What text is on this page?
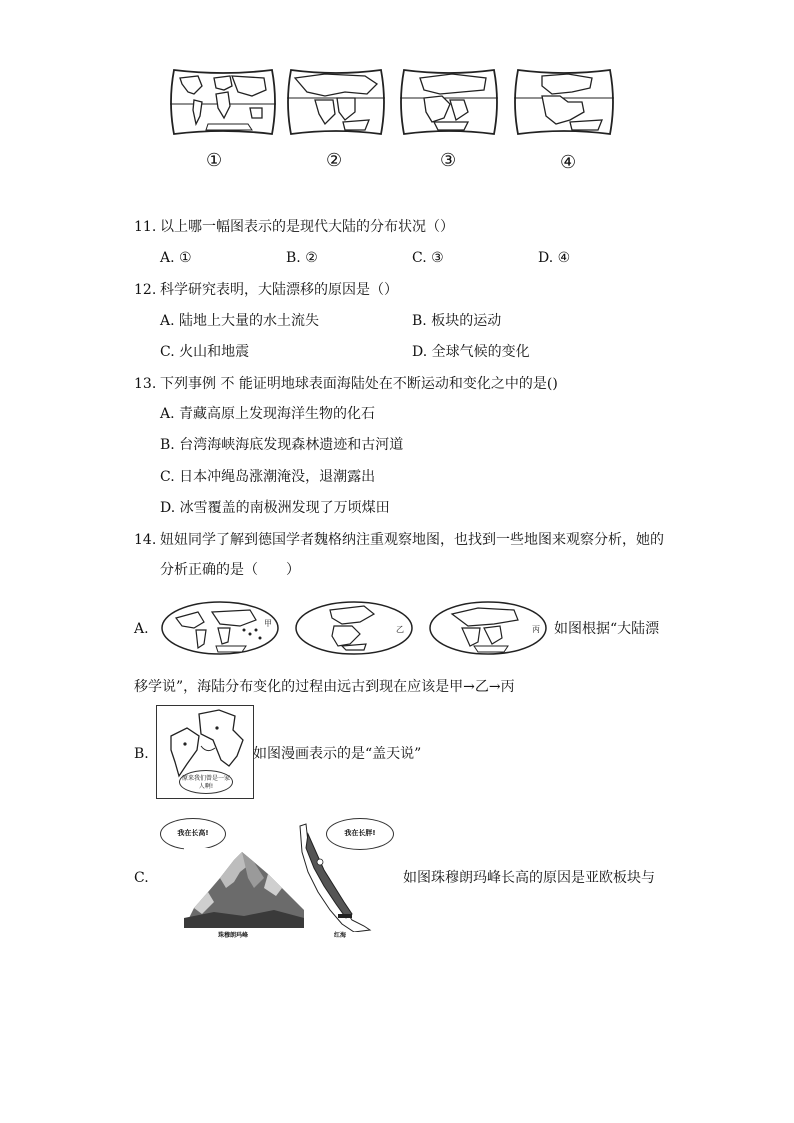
①	②	③	④
11. 以上哪一幅图表示的是现代大陆的分布状况（）
A. ①	B. ②	C. ③	D. ④
12. 科学研究表明，大陆漂移的原因是（）
A. 陆地上大量的水土流失	B. 板块的运动
C. 火山和地震	D. 全球气候的变化
13. 下列事例 不 能证明地球表面海陆处在不断运动和变化之中的是()
A. 青藏高原上发现海洋生物的化石
B. 台湾海峡海底发现森林遗迹和古河道
C. 日本冲绳岛涨潮淹没，退潮露出
D. 冰雪覆盖的南极洲发现了万顷煤田
14. 妞妞同学了解到德国学者魏格纳注重观察地图，也找到一些地图来观察分析，她的
分析正确的是（　　）
A.	甲
乙	丙 如图根据“大陆漂
移学说”，海陆分布变化的过程由远古到现在应该是甲→乙→丙
B.
原来我们曾是一家人啊!
如图漫画表示的是“盖天说”
C.
我在长高!
珠穆朗玛峰
我在长胖!
红海
如图珠穆朗玛峰长高的原因是亚欧板块与
